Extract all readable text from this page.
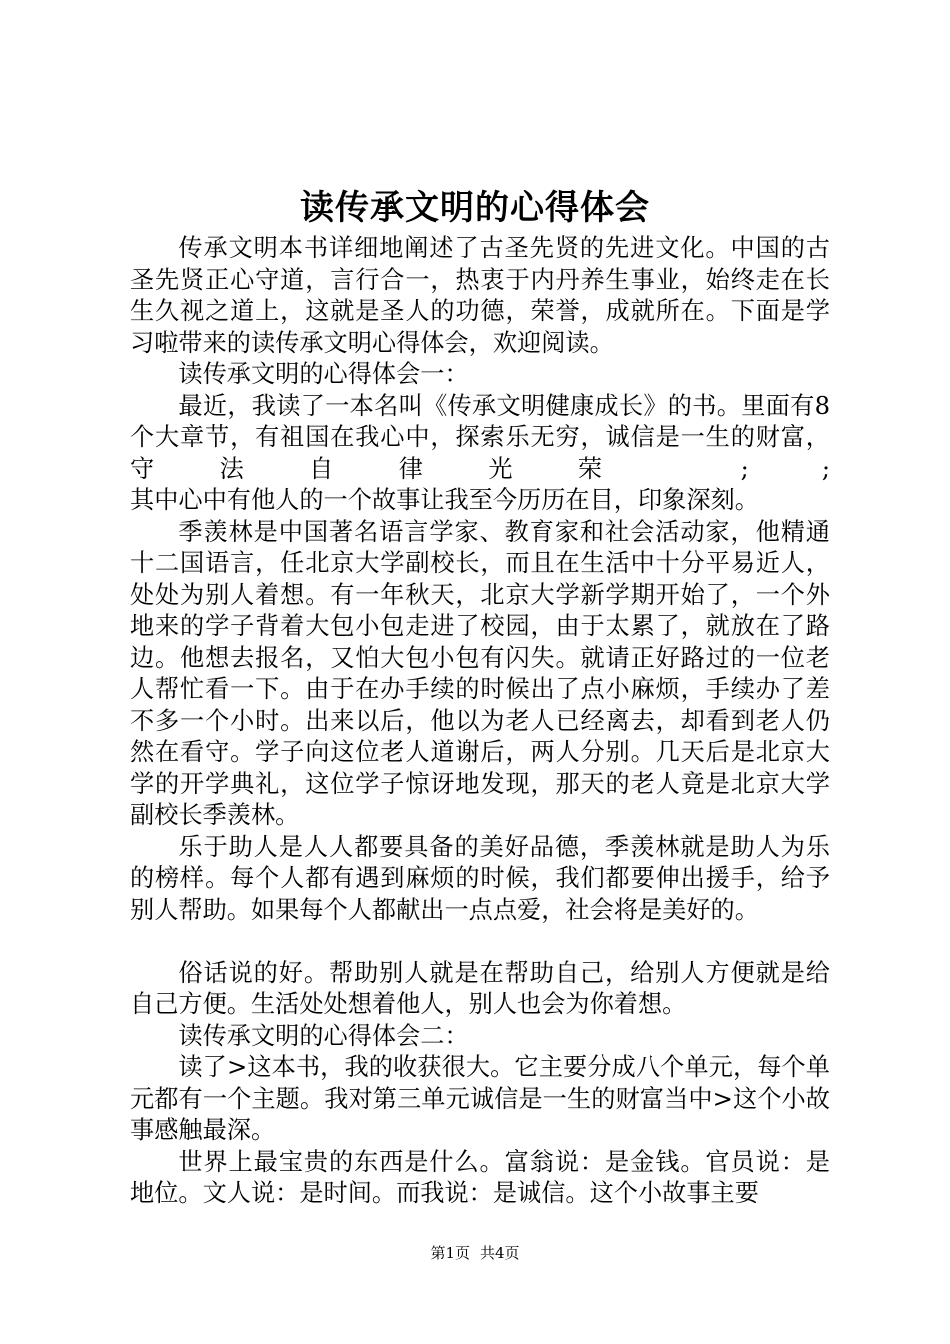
读传承文明的心得体会

传承文明本书详细地阐述了古圣先贤的先进文化。中国的古圣先贤正心守道，言行合一，热衷于内丹养生事业，始终走在长生久视之道上，这就是圣人的功德，荣誉，成就所在。下面是学习啦带来的读传承文明心得体会，欢迎阅读。

读传承文明的心得体会一：

最近，我读了一本名叫《传承文明健康成长》的书。里面有8个大章节，有祖国在我心中，探索乐无穷，诚信是一生的财富，守法自律光荣 ; ;

其中心中有他人的一个故事让我至今历历在目，印象深刻。

季羡林是中国著名语言学家、教育家和社会活动家，他精通十二国语言，任北京大学副校长，而且在生活中十分平易近人，处处为别人着想。有一年秋天，北京大学新学期开始了，一个外地来的学子背着大包小包走进了校园，由于太累了，就放在了路边。他想去报名，又怕大包小包有闪失。就请正好路过的一位老人帮忙看一下。由于在办手续的时候出了点小麻烦，手续办了差不多一个小时。出来以后，他以为老人已经离去，却看到老人仍然在看守。学子向这位老人道谢后，两人分别。几天后是北京大学的开学典礼，这位学子惊讶地发现，那天的老人竟是北京大学副校长季羡林。

乐于助人是人人都要具备的美好品德，季羡林就是助人为乐的榜样。每个人都有遇到麻烦的时候，我们都要伸出援手，给予别人帮助。如果每个人都献出一点点爱，社会将是美好的。

俗话说的好。帮助别人就是在帮助自己，给别人方便就是给自己方便。生活处处想着他人，别人也会为你着想。

读传承文明的心得体会二：

读了>这本书，我的收获很大。它主要分成八个单元，每个单元都有一个主题。我对第三单元诚信是一生的财富当中>这个小故事感触最深。

世界上最宝贵的东西是什么。富翁说：是金钱。官员说：是地位。文人说：是时间。而我说：是诚信。这个小故事主要

第1页 共4页
